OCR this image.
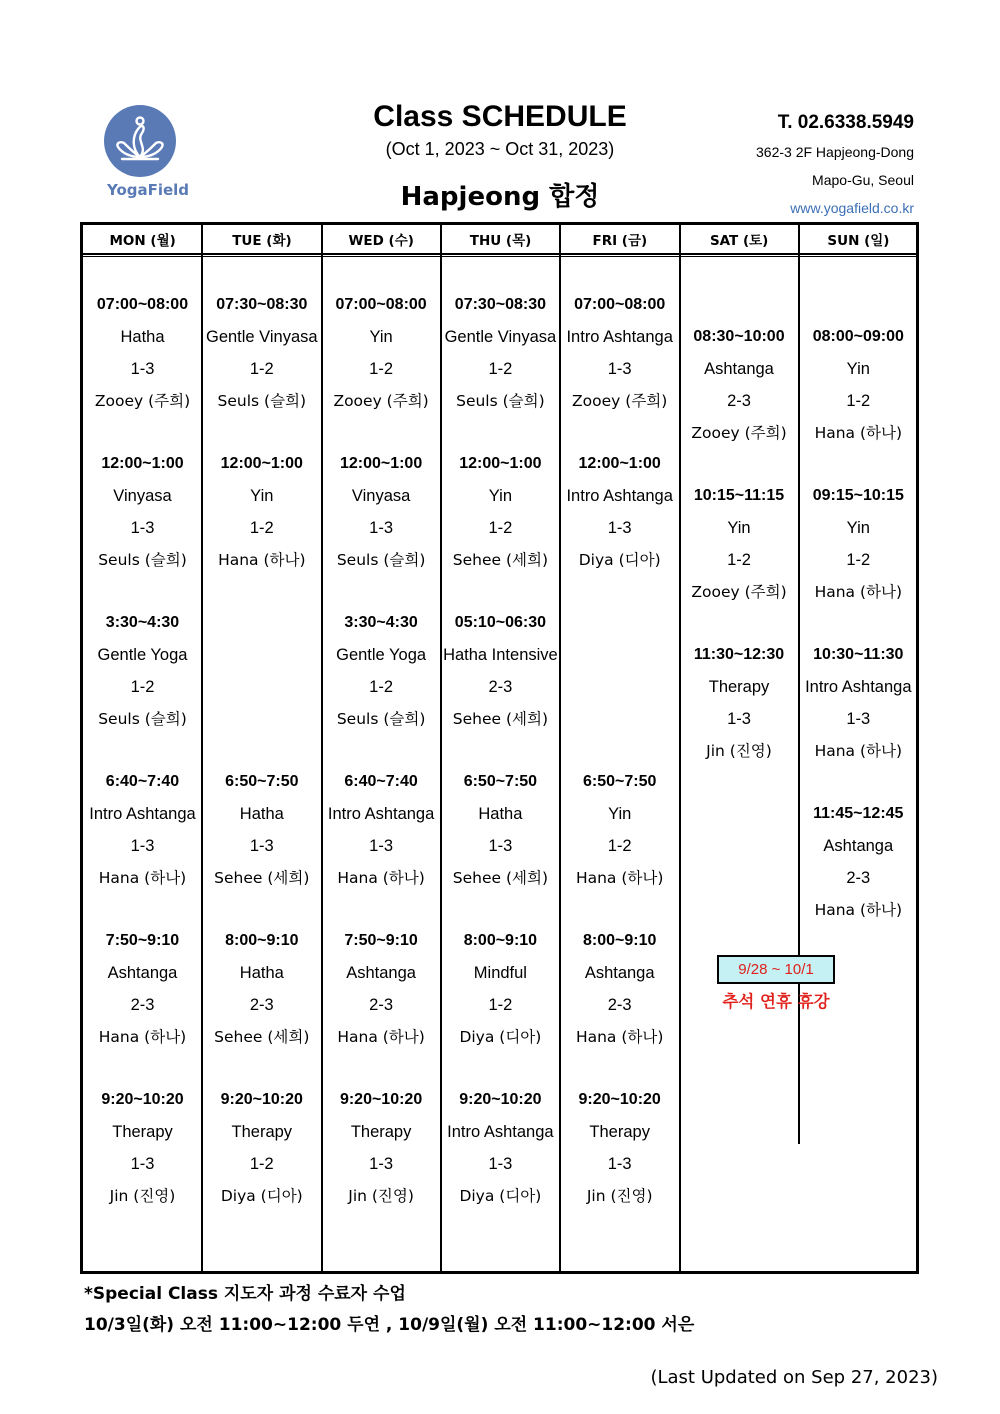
YogaField
Class SCHEDULE
(Oct 1, 2023 ~ Oct 31, 2023)
Hapjeong 합정
T. 02.6338.5949
362-3 2F Hapjeong-Dong
Mapo-Gu, Seoul
www.yogafield.co.kr
MON (월)
07:00~08:00
Hatha
1-3
Zooey (주희)
12:00~1:00
Vinyasa
1-3
Seuls (슬희)
3:30~4:30
Gentle Yoga
1-2
Seuls (슬희)
6:40~7:40
Intro Ashtanga
1-3
Hana (하나)
7:50~9:10
Ashtanga
2-3
Hana (하나)
9:20~10:20
Therapy
1-3
Jin (진영)
TUE (화)
07:30~08:30
Gentle Vinyasa
1-2
Seuls (슬희)
12:00~1:00
Yin
1-2
Hana (하나)
6:50~7:50
Hatha
1-3
Sehee (세희)
8:00~9:10
Hatha
2-3
Sehee (세희)
9:20~10:20
Therapy
1-2
Diya (디아)
WED (수)
07:00~08:00
Yin
1-2
Zooey (주희)
12:00~1:00
Vinyasa
1-3
Seuls (슬희)
3:30~4:30
Gentle Yoga
1-2
Seuls (슬희)
6:40~7:40
Intro Ashtanga
1-3
Hana (하나)
7:50~9:10
Ashtanga
2-3
Hana (하나)
9:20~10:20
Therapy
1-3
Jin (진영)
THU (목)
07:30~08:30
Gentle Vinyasa
1-2
Seuls (슬희)
12:00~1:00
Yin
1-2
Sehee (세희)
05:10~06:30
Hatha Intensive
2-3
Sehee (세희)
6:50~7:50
Hatha
1-3
Sehee (세희)
8:00~9:10
Mindful
1-2
Diya (디아)
9:20~10:20
Intro Ashtanga
1-3
Diya (디아)
FRI (금)
07:00~08:00
Intro Ashtanga
1-3
Zooey (주희)
12:00~1:00
Intro Ashtanga
1-3
Diya (디아)
6:50~7:50
Yin
1-2
Hana (하나)
8:00~9:10
Ashtanga
2-3
Hana (하나)
9:20~10:20
Therapy
1-3
Jin (진영)
SAT (토)
08:30~10:00
Ashtanga
2-3
Zooey (주희)
10:15~11:15
Yin
1-2
Zooey (주희)
11:30~12:30
Therapy
1-3
Jin (진영)
SUN (일)
08:00~09:00
Yin
1-2
Hana (하나)
09:15~10:15
Yin
1-2
Hana (하나)
10:30~11:30
Intro Ashtanga
1-3
Hana (하나)
11:45~12:45
Ashtanga
2-3
Hana (하나)
9/28 ~ 10/1
추석 연휴 휴강
*Special Class 지도자 과정 수료자 수업
10/3일(화) 오전 11:00~12:00 두연 , 10/9일(월) 오전 11:00~12:00 서은
(Last Updated on Sep 27, 2023)
